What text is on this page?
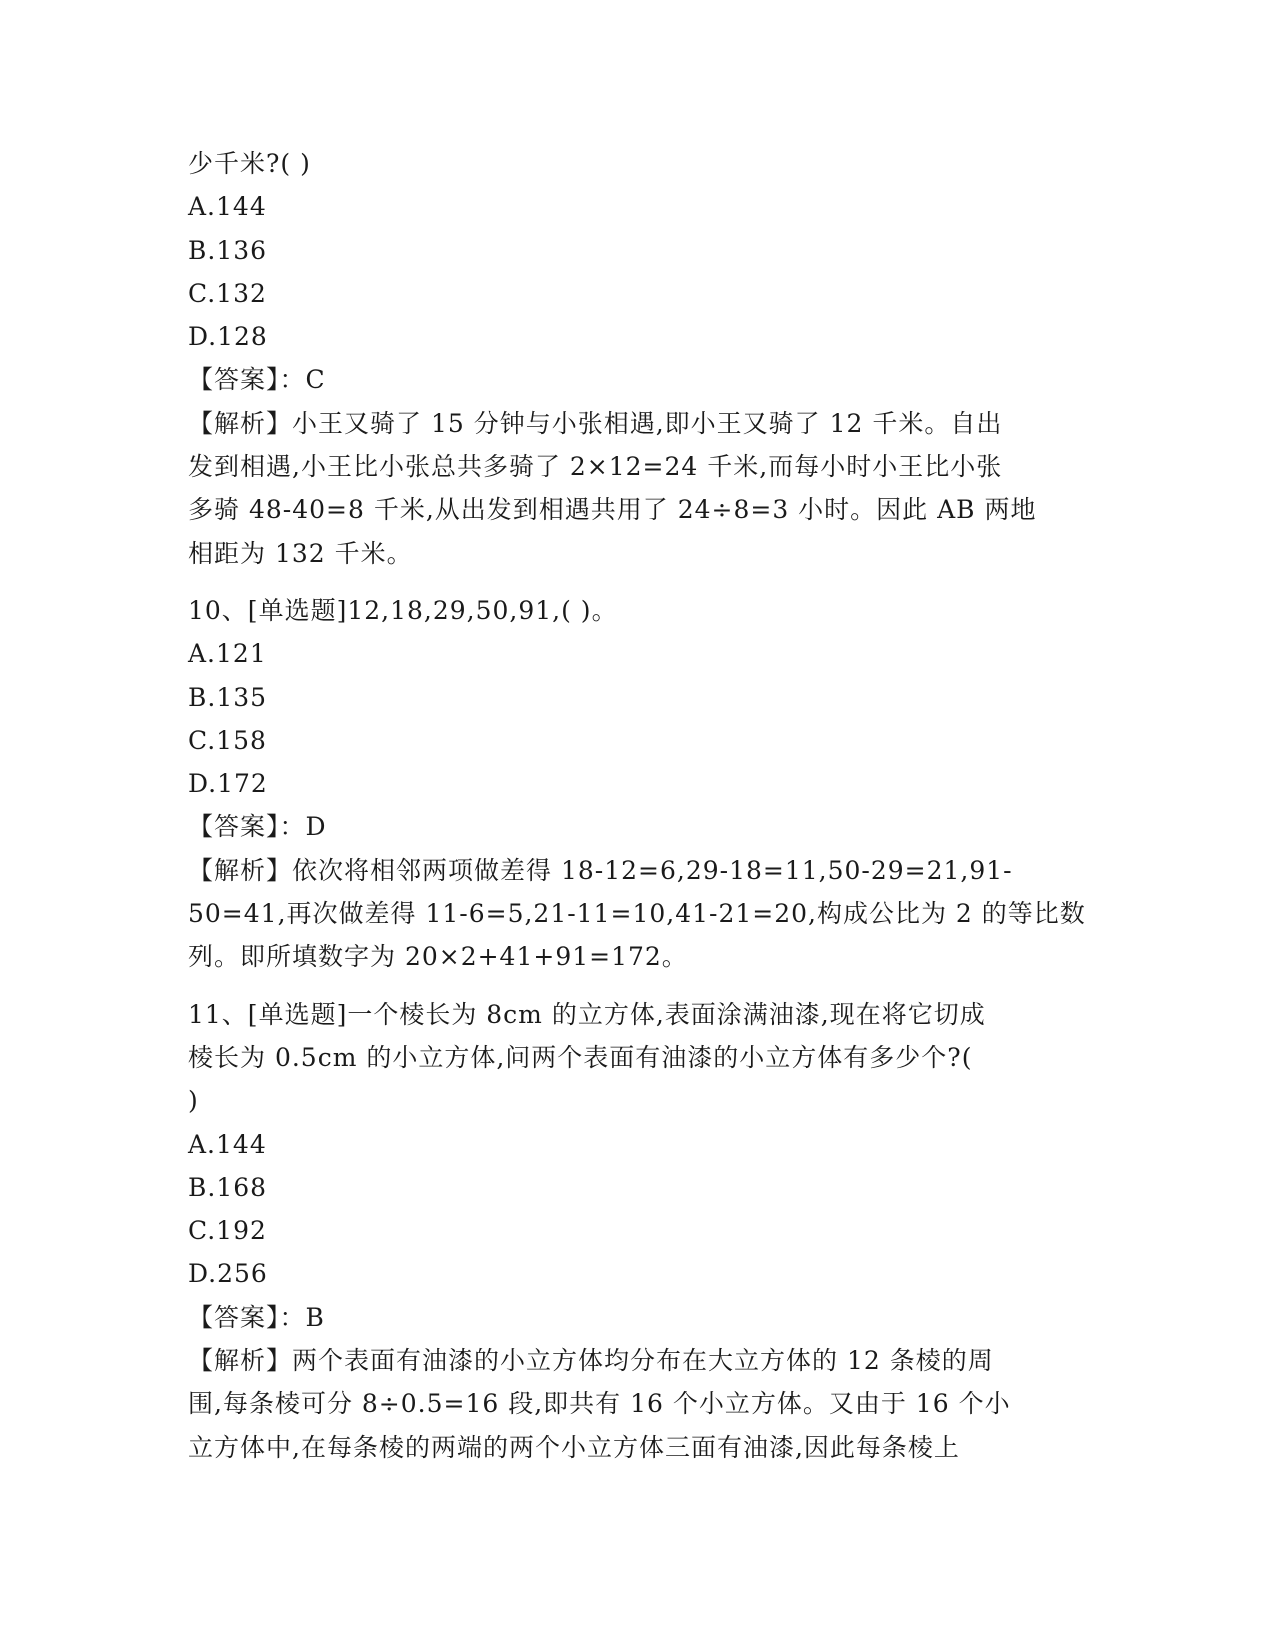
少千米?( )
A.144
B.136
C.132
D.128
【答案】：C
【解析】小王又骑了 15 分钟与小张相遇,即小王又骑了 12 千米。自出
发到相遇,小王比小张总共多骑了 2×12=24 千米,而每小时小王比小张
多骑 48-40=8 千米,从出发到相遇共用了 24÷8=3 小时。因此 AB 两地
相距为 132 千米。
10、[单选题]12,18,29,50,91,( )。
A.121
B.135
C.158
D.172
【答案】：D
【解析】依次将相邻两项做差得 18-12=6,29-18=11,50-29=21,91-
50=41,再次做差得 11-6=5,21-11=10,41-21=20,构成公比为 2 的等比数
列。即所填数字为 20×2+41+91=172。
11、[单选题]一个棱长为 8cm 的立方体,表面涂满油漆,现在将它切成
棱长为 0.5cm 的小立方体,问两个表面有油漆的小立方体有多少个?(
)
A.144
B.168
C.192
D.256
【答案】：B
【解析】两个表面有油漆的小立方体均分布在大立方体的 12 条棱的周
围,每条棱可分 8÷0.5=16 段,即共有 16 个小立方体。又由于 16 个小
立方体中,在每条棱的两端的两个小立方体三面有油漆,因此每条棱上
